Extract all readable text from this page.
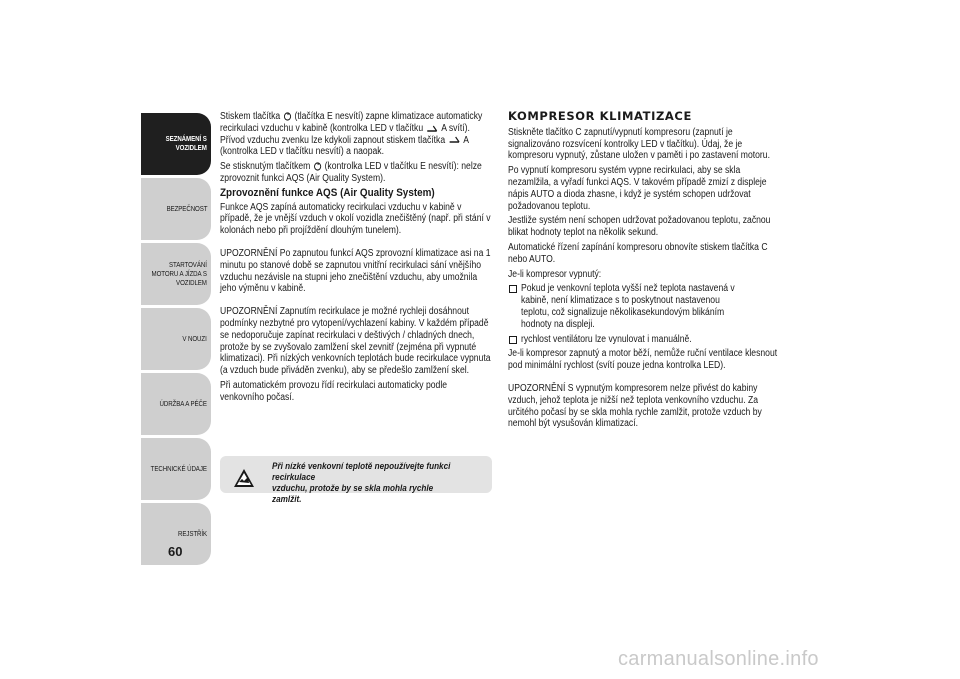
SEZNÁMENÍ S
VOZIDLEM
BEZPEČNOST
STARTOVÁNÍ
MOTORU A JÍZDA S
VOZIDLEM
V NOUZI
ÚDRŽBA A PÉČE
TECHNICKÉ ÚDAJE
REJSTŘÍK
60

Stiskem tlačítka  (tlačítka E nesvítí) zapne klimatizace automaticky recirkulaci vzduchu v kabině (kontrolka LED v tlačítku  A svítí). Přívod vzduchu zvenku lze kdykoli zapnout stiskem tlačítka  A (kontrolka LED v tlačítku nesvítí) a naopak.

Se stisknutým tlačítkem  (kontrolka LED v tlačítku E nesvítí): nelze zprovoznit funkci AQS (Air Quality System).

Zprovoznění funkce AQS (Air Quality System)

Funkce AQS zapíná automaticky recirkulaci vzduchu v kabině v případě, že je vnější vzduch v okolí vozidla znečištěný (např. při stání v kolonách nebo při projíždění dlouhým tunelem).

UPOZORNĚNÍ Po zapnutou funkcí AQS zprovozní klimatizace asi na 1 minutu po stanové době se zapnutou vnitřní recirkulaci sání vnějšího vzduchu nezávisle na stupni jeho znečištění vzduchu, aby umožnila jeho výměnu v kabině.

UPOZORNĚNÍ Zapnutím recirkulace je možné rychleji dosáhnout podmínky nezbytné pro vytopení/vychlazení kabiny. V každém případě se nedoporučuje zapínat recirkulaci v deštivých / chladných dnech, protože by se zvyšovalo zamlžení skel zevnitř (zejména při vypnuté klimatizaci). Při nízkých venkovních teplotách bude recirkulace vypnuta (a vzduch bude přiváděn zvenku), aby se předešlo zamlžení skel.

Při automatickém provozu řídí recirkulaci automaticky podle venkovního počasí.

Při nízké venkovní teplotě nepoužívejte funkci recirkulace
vzduchu, protože by se skla mohla rychle zamlžit.
KOMPRESOR KLIMATIZACE

Stiskněte tlačítko C zapnutí/vypnutí kompresoru (zapnutí je signalizováno rozsvícení kontrolky LED v tlačítku). Údaj, že je kompresoru vypnutý, zůstane uložen v paměti i po zastavení motoru.

Po vypnutí kompresoru systém vypne recirkulaci, aby se skla nezamlžila, a vyřadí funkci AQS. V takovém případě zmizí z displeje nápis AUTO a dioda zhasne, i když je systém schopen udržovat požadovanou teplotu.

Jestliže systém není schopen udržovat požadovanou teplotu, začnou blikat hodnoty teplot na několik sekund.

Automatické řízení zapínání kompresoru obnovíte stiskem tlačítka C nebo AUTO.

Je-li kompresor vypnutý:

Pokud je venkovní teplota vyšší než teplota nastavená v kabině, není klimatizace s to poskytnout nastavenou teplotu, což signalizuje několikasekundovým blikáním hodnoty na displeji.

rychlost ventilátoru lze vynulovat i manuálně.

Je-li kompresor zapnutý a motor běží, nemůže ruční ventilace klesnout pod minimální rychlost (svítí pouze jedna kontrolka LED).

UPOZORNĚNÍ S vypnutým kompresorem nelze přivést do kabiny vzduch, jehož teplota je nižší než teplota venkovního vzduchu. Za určitého počasí by se skla mohla rychle zamlžit, protože vzduch by nemohl být vysušován klimatizací.

carmanualsonline.info
